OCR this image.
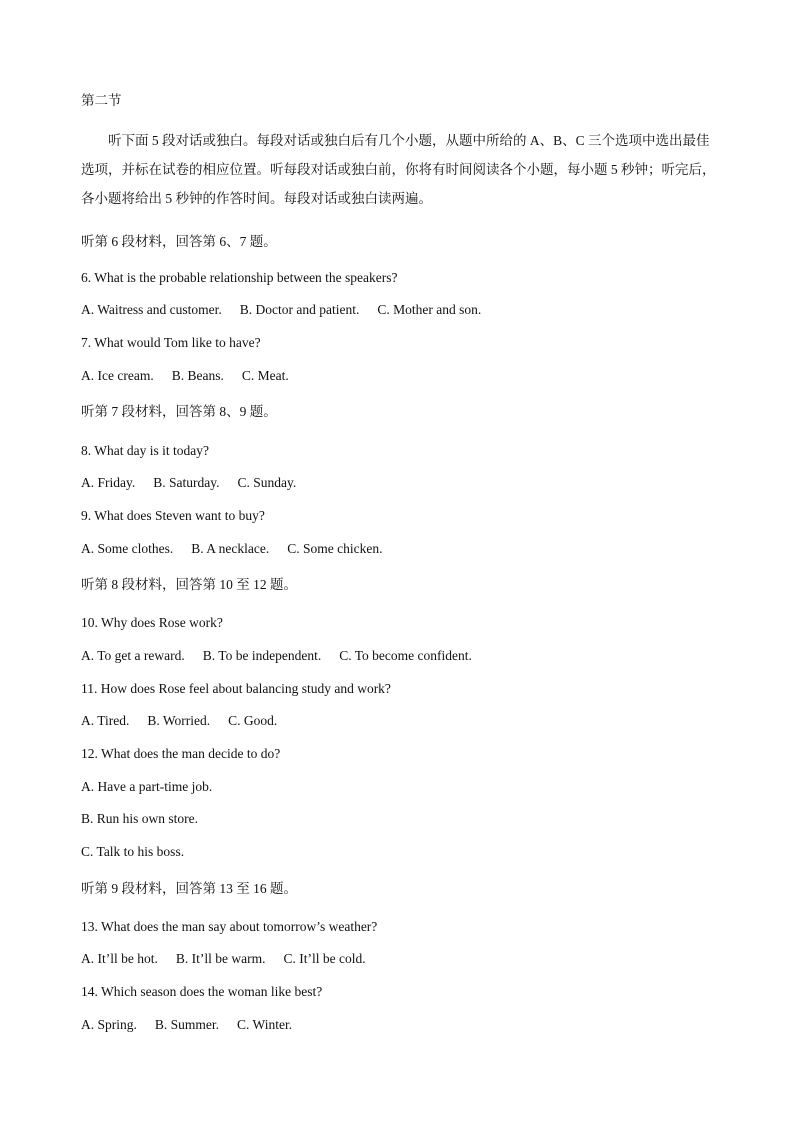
第二节

听下面 5 段对话或独白。每段对话或独白后有几个小题，从题中所给的 A、B、C 三个选项中选出最佳选项，并标在试卷的相应位置。听每段对话或独白前，你将有时间阅读各个小题，每小题 5 秒钟；听完后，各小题将给出 5 秒钟的作答时间。每段对话或独白读两遍。

听第 6 段材料，回答第 6、7 题。
6. What is the probable relationship between the speakers?
A. Waitress and customer. B. Doctor and patient. C. Mother and son.
7. What would Tom like to have?
A. Ice cream. B. Beans. C. Meat.
听第 7 段材料，回答第 8、9 题。
8. What day is it today?
A. Friday. B. Saturday. C. Sunday.
9. What does Steven want to buy?
A. Some clothes. B. A necklace. C. Some chicken.
听第 8 段材料，回答第 10 至 12 题。
10. Why does Rose work?
A. To get a reward. B. To be independent. C. To become confident.
11. How does Rose feel about balancing study and work?
A. Tired. B. Worried. C. Good.
12. What does the man decide to do?
A. Have a part-time job.
B. Run his own store.
C. Talk to his boss.
听第 9 段材料，回答第 13 至 16 题。
13. What does the man say about tomorrow’s weather?
A. It’ll be hot. B. It’ll be warm. C. It’ll be cold.
14. Which season does the woman like best?
A. Spring. B. Summer. C. Winter.
